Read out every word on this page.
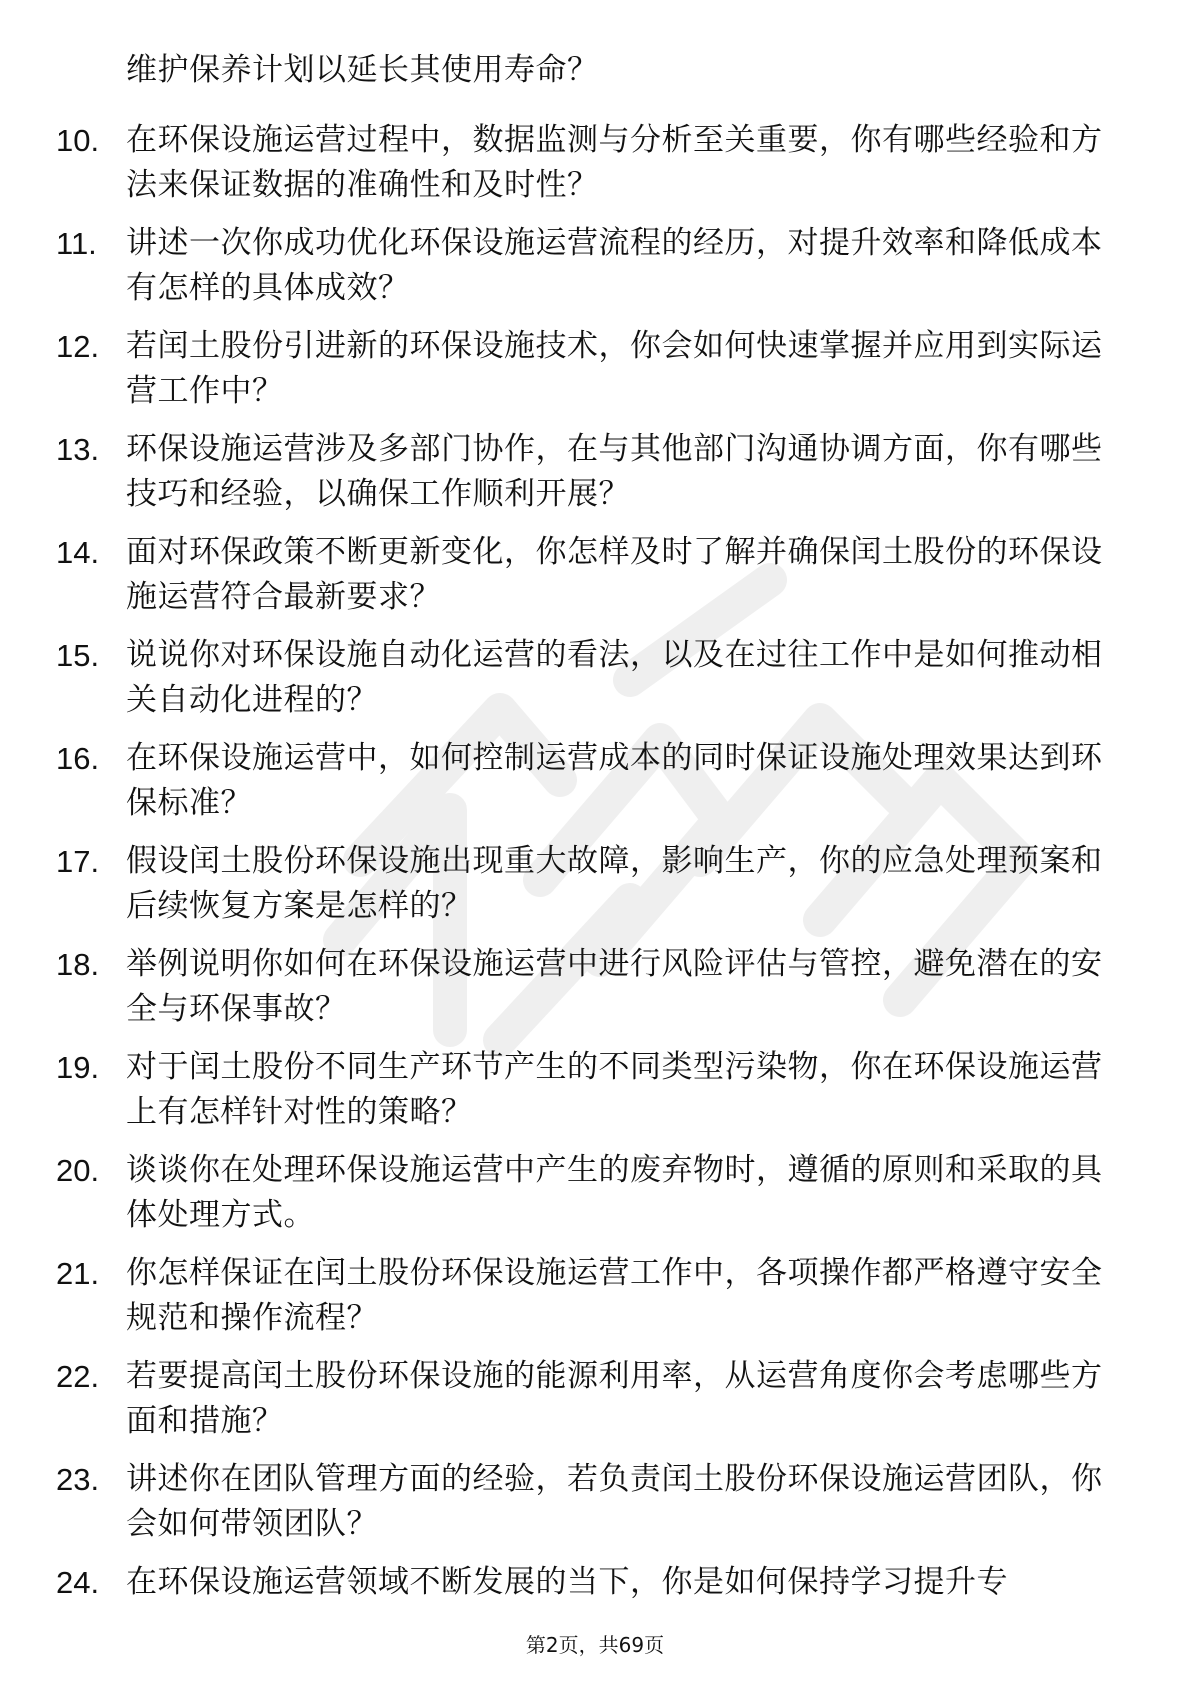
维护保养计划以延长其使用寿命？
10. 在环保设施运营过程中，数据监测与分析至关重要，你有哪些经验和方法来保证数据的准确性和及时性？
11. 讲述一次你成功优化环保设施运营流程的经历，对提升效率和降低成本有怎样的具体成效？
12. 若闰土股份引进新的环保设施技术，你会如何快速掌握并应用到实际运营工作中？
13. 环保设施运营涉及多部门协作，在与其他部门沟通协调方面，你有哪些技巧和经验，以确保工作顺利开展？
14. 面对环保政策不断更新变化，你怎样及时了解并确保闰土股份的环保设施运营符合最新要求？
15. 说说你对环保设施自动化运营的看法，以及在过往工作中是如何推动相关自动化进程的？
16. 在环保设施运营中，如何控制运营成本的同时保证设施处理效果达到环保标准？
17. 假设闰土股份环保设施出现重大故障，影响生产，你的应急处理预案和后续恢复方案是怎样的？
18. 举例说明你如何在环保设施运营中进行风险评估与管控，避免潜在的安全与环保事故？
19. 对于闰土股份不同生产环节产生的不同类型污染物，你在环保设施运营上有怎样针对性的策略？
20. 谈谈你在处理环保设施运营中产生的废弃物时，遵循的原则和采取的具体处理方式。
21. 你怎样保证在闰土股份环保设施运营工作中，各项操作都严格遵守安全规范和操作流程？
22. 若要提高闰土股份环保设施的能源利用率，从运营角度你会考虑哪些方面和措施？
23. 讲述你在团队管理方面的经验，若负责闰土股份环保设施运营团队，你会如何带领团队？
24. 在环保设施运营领域不断发展的当下，你是如何保持学习提升专
第2页，共69页
